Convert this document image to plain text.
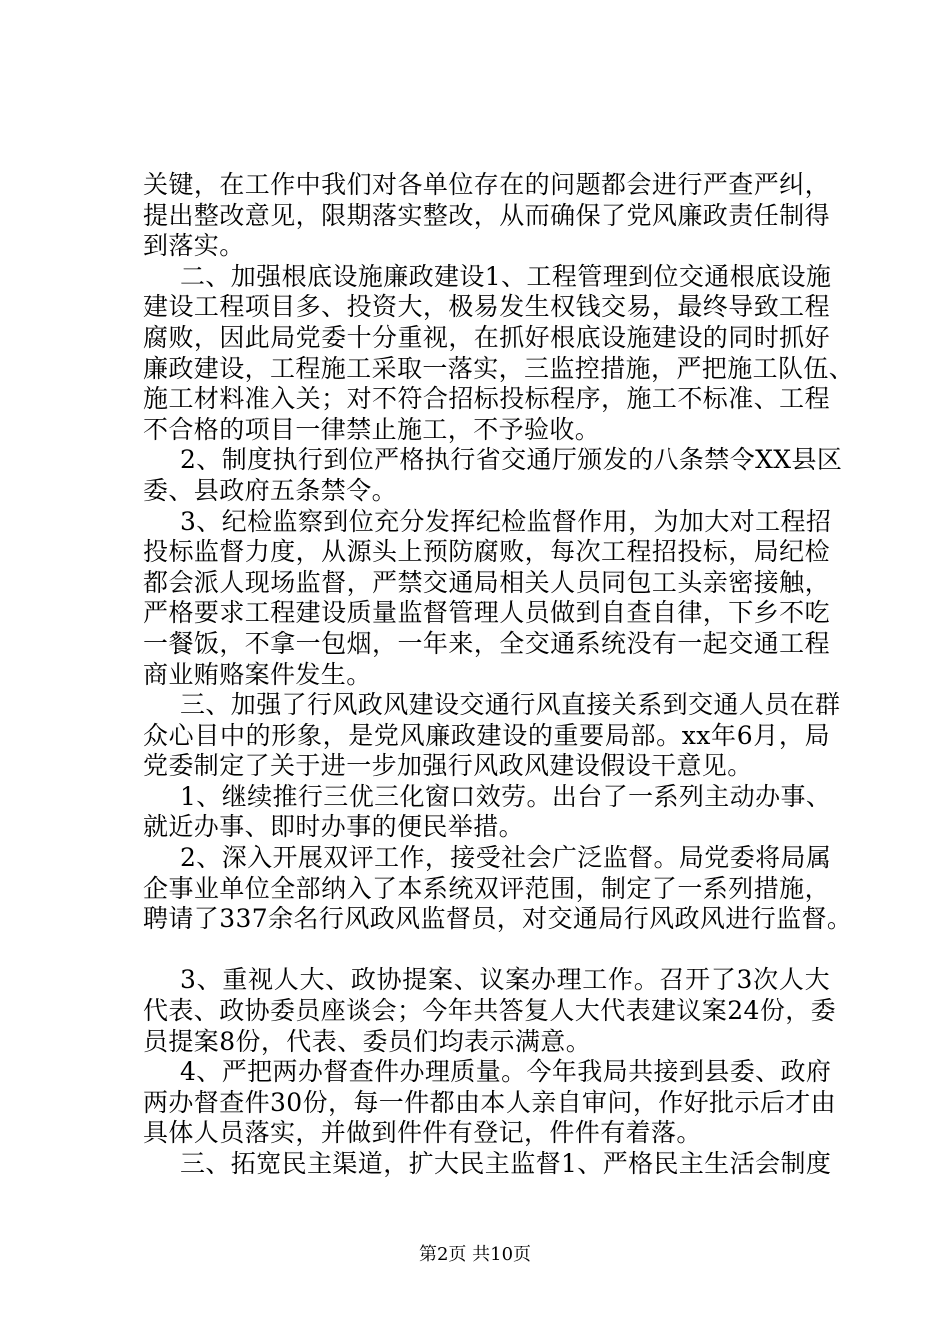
关键，在工作中我们对各单位存在的问题都会进行严查严纠，
提出整改意见，限期落实整改，从而确保了党风廉政责任制得
到落实。
二、加强根底设施廉政建设1、工程管理到位交通根底设施
建设工程项目多、投资大，极易发生权钱交易，最终导致工程
腐败，因此局党委十分重视，在抓好根底设施建设的同时抓好
廉政建设，工程施工采取一落实，三监控措施，严把施工队伍、
施工材料准入关；对不符合招标投标程序，施工不标准、工程
不合格的项目一律禁止施工，不予验收。
2、制度执行到位严格执行省交通厅颁发的八条禁令XX县区
委、县政府五条禁令。
3、纪检监察到位充分发挥纪检监督作用，为加大对工程招
投标监督力度，从源头上预防腐败，每次工程招投标，局纪检
都会派人现场监督，严禁交通局相关人员同包工头亲密接触，
严格要求工程建设质量监督管理人员做到自查自律，下乡不吃
一餐饭，不拿一包烟，一年来，全交通系统没有一起交通工程
商业贿赂案件发生。
三、加强了行风政风建设交通行风直接关系到交通人员在群
众心目中的形象，是党风廉政建设的重要局部。xx年6月，局
党委制定了关于进一步加强行风政风建设假设干意见。
1、继续推行三优三化窗口效劳。出台了一系列主动办事、
就近办事、即时办事的便民举措。
2、深入开展双评工作，接受社会广泛监督。局党委将局属
企事业单位全部纳入了本系统双评范围，制定了一系列措施，
聘请了337余名行风政风监督员，对交通局行风政风进行监督。
3、重视人大、政协提案、议案办理工作。召开了3次人大
代表、政协委员座谈会；今年共答复人大代表建议案24份，委
员提案8份，代表、委员们均表示满意。
4、严把两办督查件办理质量。今年我局共接到县委、政府
两办督查件30份，每一件都由本人亲自审问，作好批示后才由
具体人员落实，并做到件件有登记，件件有着落。
三、拓宽民主渠道，扩大民主监督1、严格民主生活会制度
第2页 共10页
